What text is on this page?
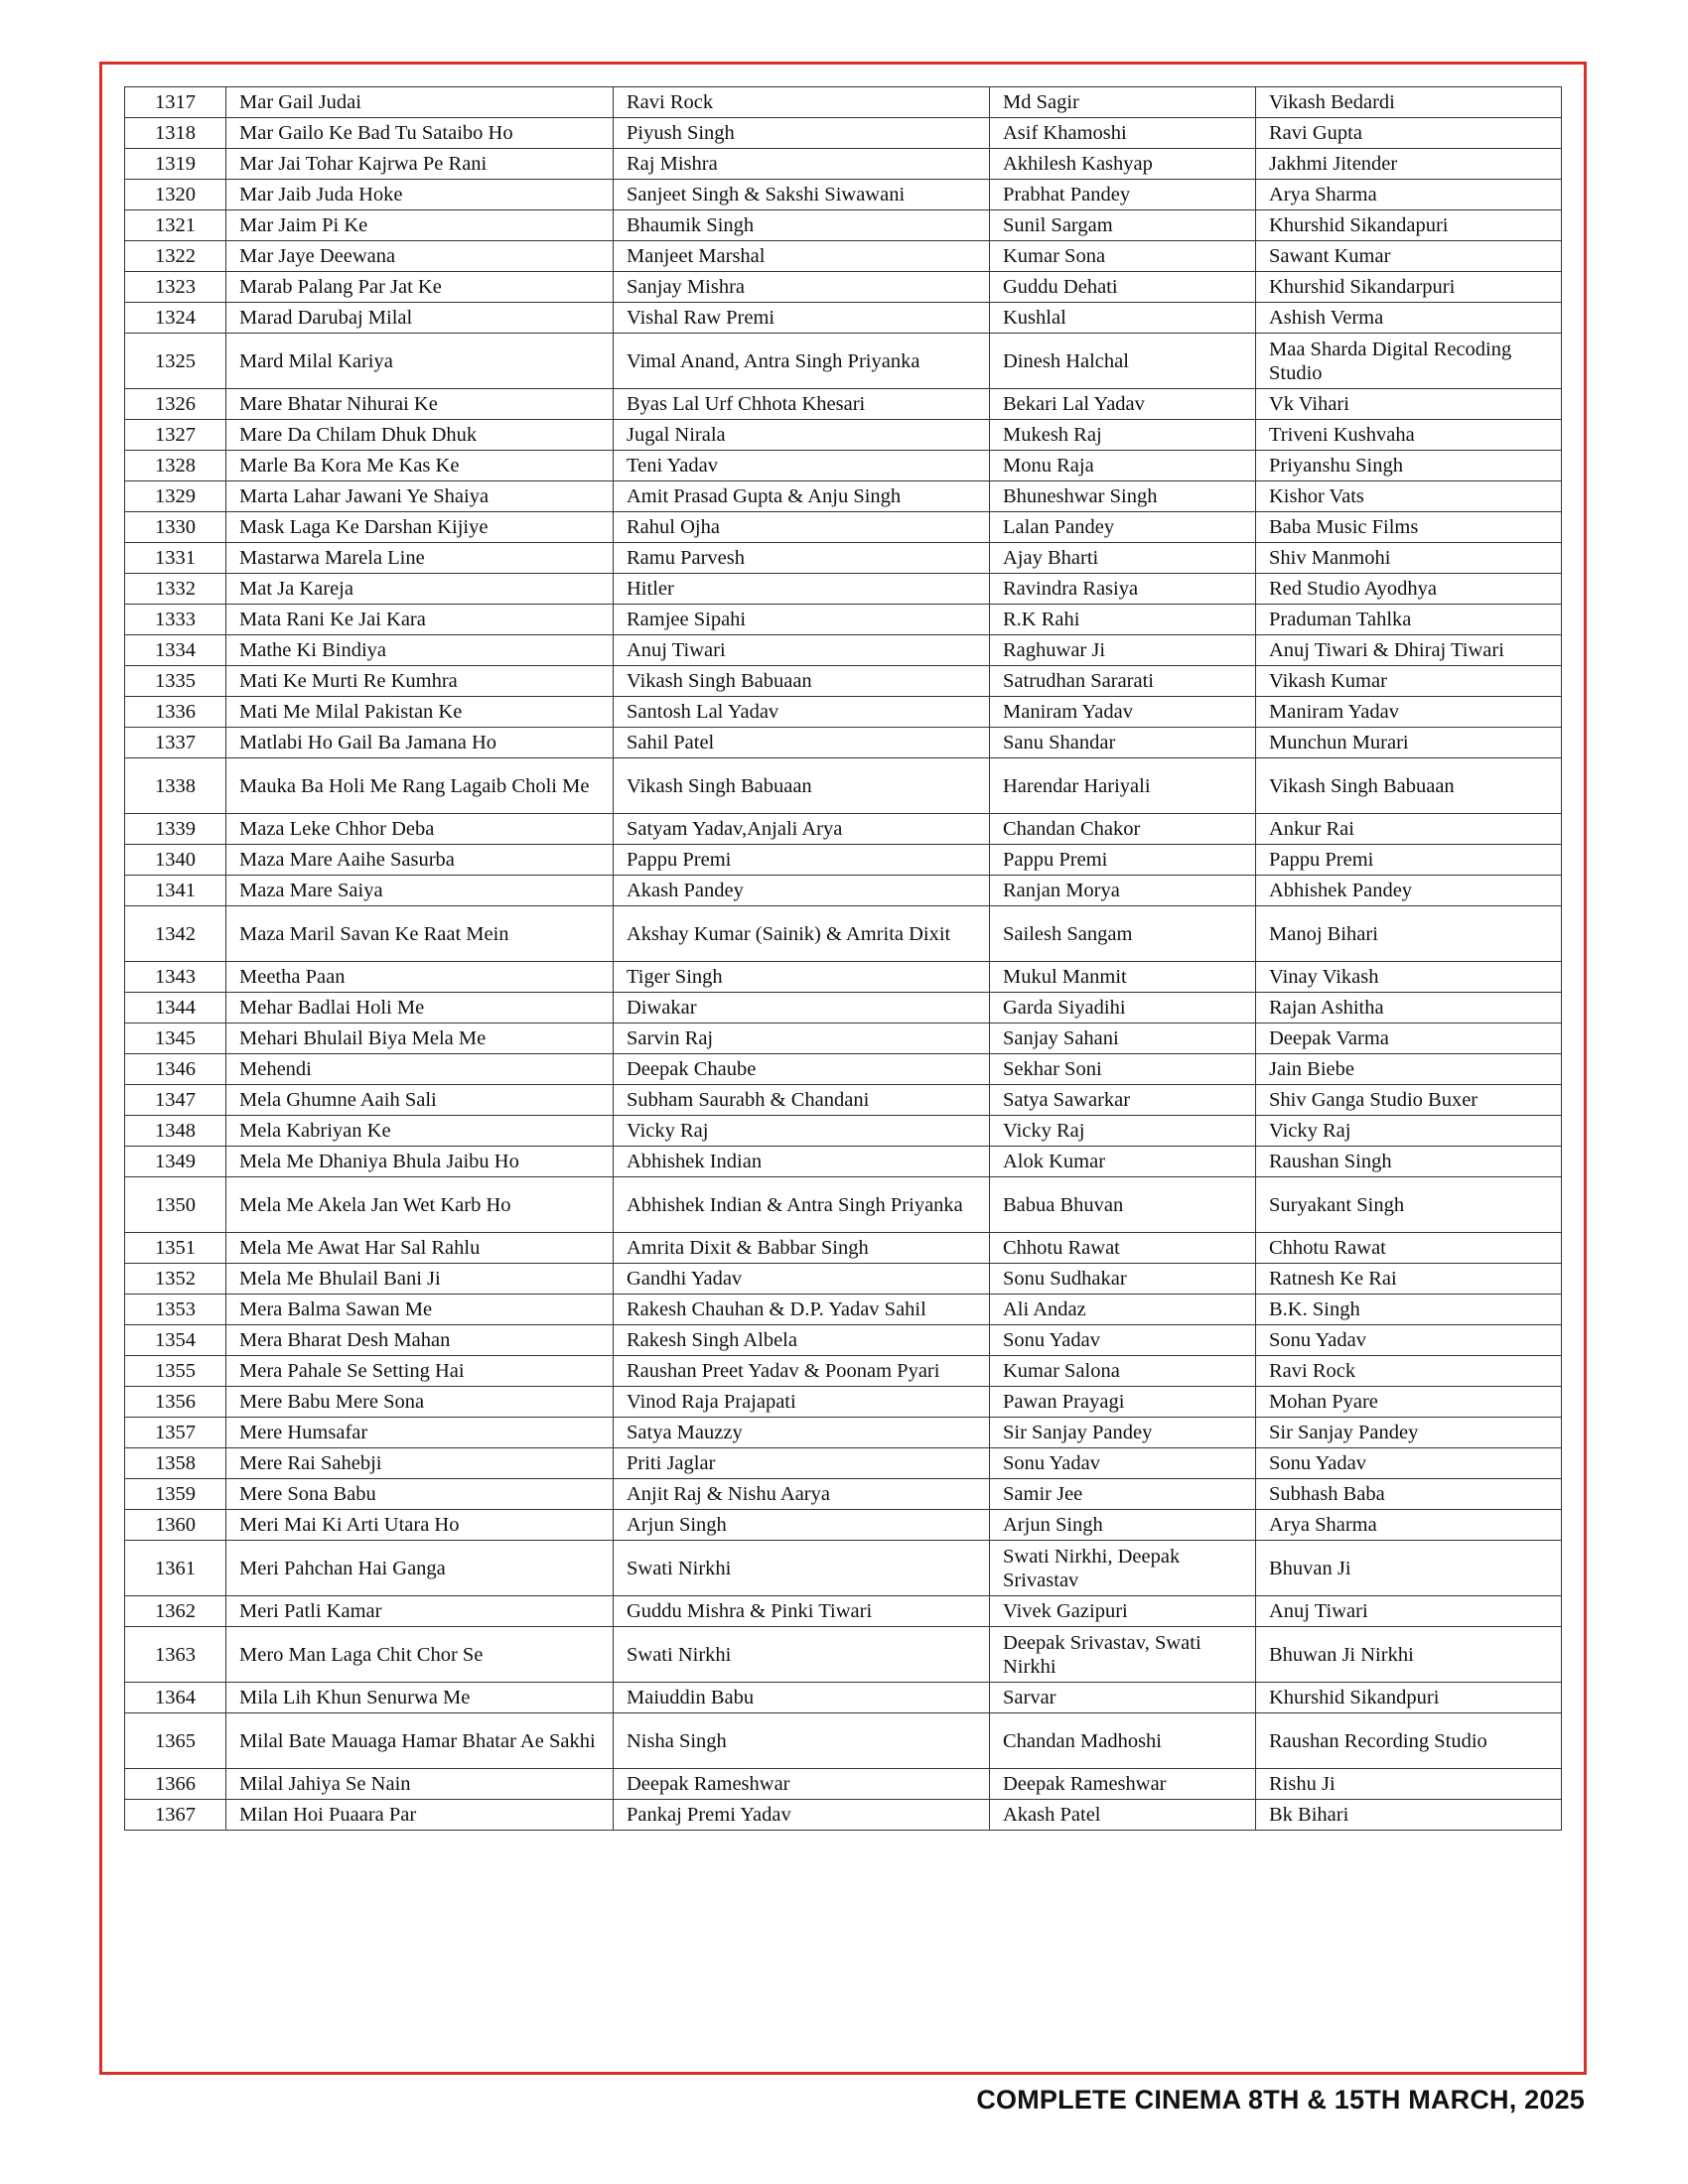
1317	Mar Gail Judai	Ravi Rock	Md Sagir	Vikash Bedardi
1318	Mar Gailo Ke Bad Tu Sataibo Ho	Piyush Singh	Asif Khamoshi	Ravi Gupta
1319	Mar Jai Tohar Kajrwa Pe Rani	Raj Mishra	Akhilesh Kashyap	Jakhmi Jitender
1320	Mar Jaib Juda Hoke	Sanjeet Singh & Sakshi Siwawani	Prabhat Pandey	Arya Sharma
1321	Mar Jaim Pi Ke	Bhaumik Singh	Sunil Sargam	Khurshid Sikandapuri
1322	Mar Jaye Deewana	Manjeet Marshal	Kumar Sona	Sawant Kumar
1323	Marab Palang Par Jat Ke	Sanjay Mishra	Guddu Dehati	Khurshid Sikandarpuri
1324	Marad Darubaj Milal	Vishal Raw Premi	Kushlal	Ashish Verma
1325	Mard Milal Kariya	Vimal Anand, Antra Singh Priyanka	Dinesh Halchal	Maa Sharda Digital Recoding Studio
1326	Mare Bhatar Nihurai Ke	Byas Lal Urf Chhota Khesari	Bekari Lal Yadav	Vk Vihari
1327	Mare Da Chilam Dhuk Dhuk	Jugal Nirala	Mukesh Raj	Triveni Kushvaha
1328	Marle Ba Kora Me Kas Ke	Teni Yadav	Monu Raja	Priyanshu Singh
1329	Marta Lahar Jawani Ye Shaiya	Amit Prasad Gupta & Anju Singh	Bhuneshwar Singh	Kishor Vats
1330	Mask Laga Ke Darshan Kijiye	Rahul Ojha	Lalan Pandey	Baba Music Films
1331	Mastarwa Marela Line	Ramu Parvesh	Ajay Bharti	Shiv Manmohi
1332	Mat Ja Kareja	Hitler	Ravindra Rasiya	Red Studio Ayodhya
1333	Mata Rani Ke Jai Kara	Ramjee Sipahi	R.K Rahi	Praduman Tahlka
1334	Mathe Ki Bindiya	Anuj Tiwari	Raghuwar Ji	Anuj Tiwari & Dhiraj Tiwari
1335	Mati Ke Murti Re Kumhra	Vikash Singh Babuaan	Satrudhan Sararati	Vikash Kumar
1336	Mati Me Milal Pakistan Ke	Santosh Lal Yadav	Maniram Yadav	Maniram Yadav
1337	Matlabi Ho Gail Ba Jamana Ho	Sahil Patel	Sanu Shandar	Munchun Murari
1338	Mauka Ba Holi Me Rang Lagaib Choli Me	Vikash Singh Babuaan	Harendar Hariyali	Vikash Singh Babuaan
1339	Maza Leke Chhor Deba	Satyam Yadav,Anjali Arya	Chandan Chakor	Ankur Rai
1340	Maza Mare Aaihe Sasurba	Pappu Premi	Pappu Premi	Pappu Premi
1341	Maza Mare Saiya	Akash Pandey	Ranjan Morya	Abhishek Pandey
1342	Maza Maril Savan Ke Raat Mein	Akshay Kumar (Sainik) & Amrita Dixit	Sailesh Sangam	Manoj Bihari
1343	Meetha Paan	Tiger Singh	Mukul Manmit	Vinay Vikash
1344	Mehar Badlai Holi Me	Diwakar	Garda Siyadihi	Rajan Ashitha
1345	Mehari Bhulail Biya Mela Me	Sarvin Raj	Sanjay Sahani	Deepak Varma
1346	Mehendi	Deepak Chaube	Sekhar Soni	Jain Biebe
1347	Mela Ghumne Aaih Sali	Subham Saurabh & Chandani	Satya Sawarkar	Shiv Ganga Studio Buxer
1348	Mela Kabriyan Ke	Vicky Raj	Vicky Raj	Vicky Raj
1349	Mela Me Dhaniya Bhula Jaibu Ho	Abhishek Indian	Alok Kumar	Raushan Singh
1350	Mela Me Akela Jan Wet Karb Ho	Abhishek Indian & Antra Singh Priyanka	Babua Bhuvan	Suryakant Singh
1351	Mela Me Awat Har Sal Rahlu	Amrita Dixit & Babbar Singh	Chhotu Rawat	Chhotu Rawat
1352	Mela Me Bhulail Bani Ji	Gandhi Yadav	Sonu Sudhakar	Ratnesh Ke Rai
1353	Mera Balma Sawan Me	Rakesh Chauhan & D.P. Yadav Sahil	Ali Andaz	B.K. Singh
1354	Mera Bharat Desh Mahan	Rakesh Singh Albela	Sonu Yadav	Sonu Yadav
1355	Mera Pahale Se Setting Hai	Raushan Preet Yadav & Poonam Pyari	Kumar Salona	Ravi Rock
1356	Mere Babu Mere Sona	Vinod Raja Prajapati	Pawan Prayagi	Mohan Pyare
1357	Mere Humsafar	Satya Mauzzy	Sir Sanjay Pandey	Sir Sanjay Pandey
1358	Mere Rai Sahebji	Priti Jaglar	Sonu Yadav	Sonu Yadav
1359	Mere Sona Babu	Anjit Raj & Nishu Aarya	Samir Jee	Subhash Baba
1360	Meri Mai Ki Arti Utara Ho	Arjun Singh	Arjun Singh	Arya Sharma
1361	Meri Pahchan Hai Ganga	Swati Nirkhi	Swati Nirkhi, Deepak Srivastav	Bhuvan Ji
1362	Meri Patli Kamar	Guddu Mishra & Pinki Tiwari	Vivek Gazipuri	Anuj Tiwari
1363	Mero Man Laga Chit Chor Se	Swati Nirkhi	Deepak Srivastav, Swati Nirkhi	Bhuwan Ji Nirkhi
1364	Mila Lih Khun Senurwa Me	Maiuddin Babu	Sarvar	Khurshid Sikandpuri
1365	Milal Bate Mauaga Hamar Bhatar Ae Sakhi	Nisha Singh	Chandan Madhoshi	Raushan Recording Studio
1366	Milal Jahiya Se Nain	Deepak Rameshwar	Deepak Rameshwar	Rishu Ji
1367	Milan Hoi Puaara Par	Pankaj Premi Yadav	Akash Patel	Bk Bihari
COMPLETE CINEMA 8TH & 15TH MARCH, 2025
